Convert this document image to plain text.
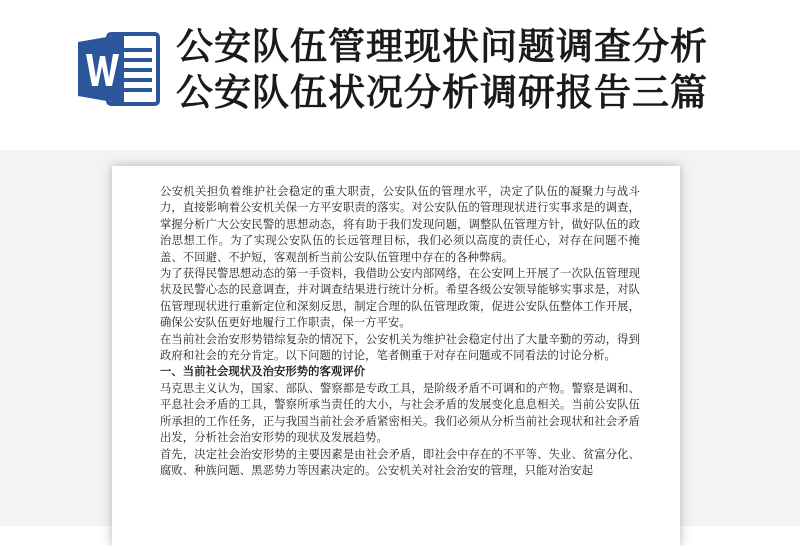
公安队伍管理现状问题调查分析
公安队伍状况分析调研报告三篇

公安机关担负着维护社会稳定的重大职责，公安队伍的管理水平，决定了队伍的凝聚力与战斗力，直接影响着公安机关保一方平安职责的落实。对公安队伍的管理现状进行实事求是的调查，掌握分析广大公安民警的思想动态，将有助于我们发现问题，调整队伍管理方针，做好队伍的政治思想工作。为了实现公安队伍的长远管理目标，我们必须以高度的责任心，对存在问题不掩盖、不回避、不护短，客观剖析当前公安队伍管理中存在的各种弊病。

为了获得民警思想动态的第一手资料，我借助公安内部网络，在公安网上开展了一次队伍管理现状及民警心态的民意调查，并对调查结果进行统计分析。希望各级公安领导能够实事求是，对队伍管理现状进行重新定位和深刻反思，制定合理的队伍管理政策，促进公安队伍整体工作开展，确保公安队伍更好地履行工作职责，保一方平安。

在当前社会治安形势错综复杂的情况下，公安机关为维护社会稳定付出了大量辛勤的劳动，得到政府和社会的充分肯定。以下问题的讨论，笔者侧重于对存在问题或不同看法的讨论分析。

一、当前社会现状及治安形势的客观评价

马克思主义认为，国家、部队、警察都是专政工具，是阶级矛盾不可调和的产物。警察是调和、平息社会矛盾的工具，警察所承当责任的大小，与社会矛盾的发展变化息息相关。当前公安队伍所承担的工作任务，正与我国当前社会矛盾紧密相关。我们必须从分析当前社会现状和社会矛盾出发，分析社会治安形势的现状及发展趋势。

首先，决定社会治安形势的主要因素是由社会矛盾，即社会中存在的不平等、失业、贫富分化、腐败、种族问题、黑恶势力等因素决定的。公安机关对社会治安的管理，只能对治安起
